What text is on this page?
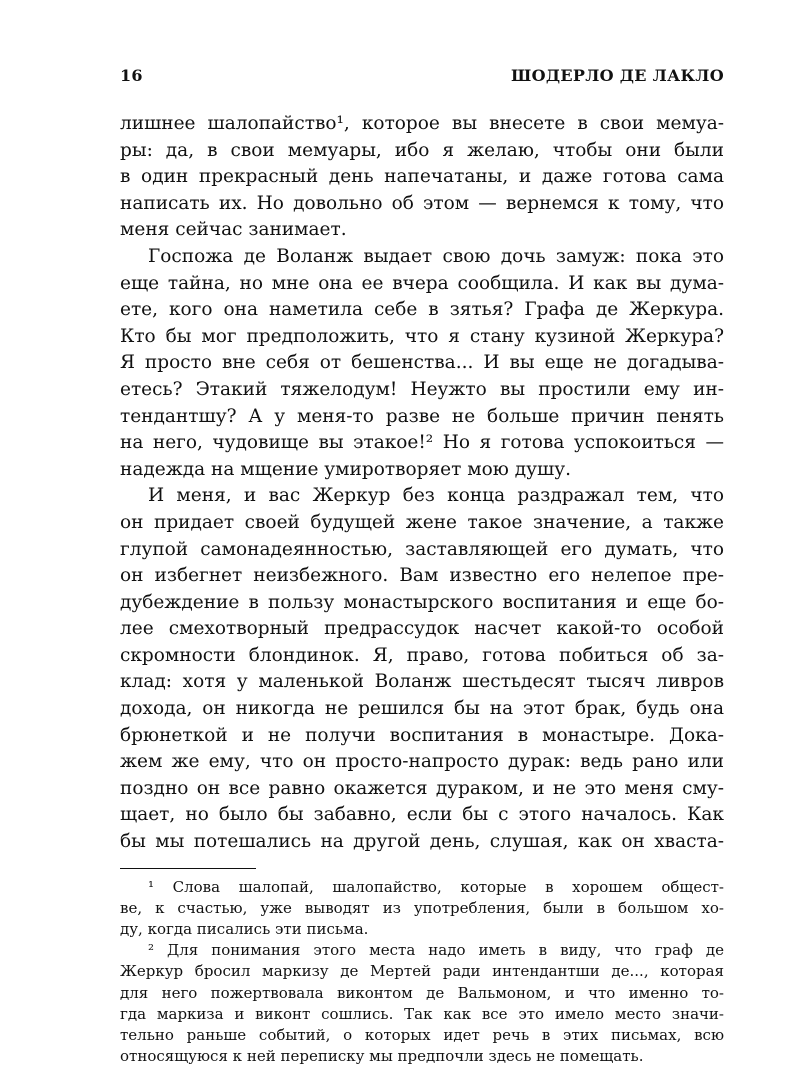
16	ШОДЕРЛО ДЕ ЛАКЛО
лишнее шалопайство¹, которое вы внесете в свои мемуа-
ры: да, в свои мемуары, ибо я желаю, чтобы они были
в один прекрасный день напечатаны, и даже готова сама
написать их. Но довольно об этом — вернемся к тому, что
меня сейчас занимает.
Госпожа де Воланж выдает свою дочь замуж: пока это
еще тайна, но мне она ее вчера сообщила. И как вы дума-
ете, кого она наметила себе в зятья? Графа де Жеркура.
Кто бы мог предположить, что я стану кузиной Жеркура?
Я просто вне себя от бешенства... И вы еще не догадыва-
етесь? Этакий тяжелодум! Неужто вы простили ему ин-
тендантшу? А у меня-то разве не больше причин пенять
на него, чудовище вы этакое!² Но я готова успокоиться —
надежда на мщение умиротворяет мою душу.
И меня, и вас Жеркур без конца раздражал тем, что
он придает своей будущей жене такое значение, а также
глупой самонадеянностью, заставляющей его думать, что
он избегнет неизбежного. Вам известно его нелепое пре-
дубеждение в пользу монастырского воспитания и еще бо-
лее смехотворный предрассудок насчет какой-то особой
скромности блондинок. Я, право, готова побиться об за-
клад: хотя у маленькой Воланж шестьдесят тысяч ливров
дохода, он никогда не решился бы на этот брак, будь она
брюнеткой и не получи воспитания в монастыре. Дока-
жем же ему, что он просто-напросто дурак: ведь рано или
поздно он все равно окажется дураком, и не это меня сму-
щает, но было бы забавно, если бы с этого началось. Как
бы мы потешались на другой день, слушая, как он хваста-
¹ Слова шалопай, шалопайство, которые в хорошем общест-
ве, к счастью, уже выводят из употребления, были в большом хо-
ду, когда писались эти письма.
² Для понимания этого места надо иметь в виду, что граф де
Жеркур бросил маркизу де Мертей ради интендантши де..., которая
для него пожертвовала виконтом де Вальмоном, и что именно то-
гда маркиза и виконт сошлись. Так как все это имело место значи-
тельно раньше событий, о которых идет речь в этих письмах, всю
относящуюся к ней переписку мы предпочли здесь не помещать.
